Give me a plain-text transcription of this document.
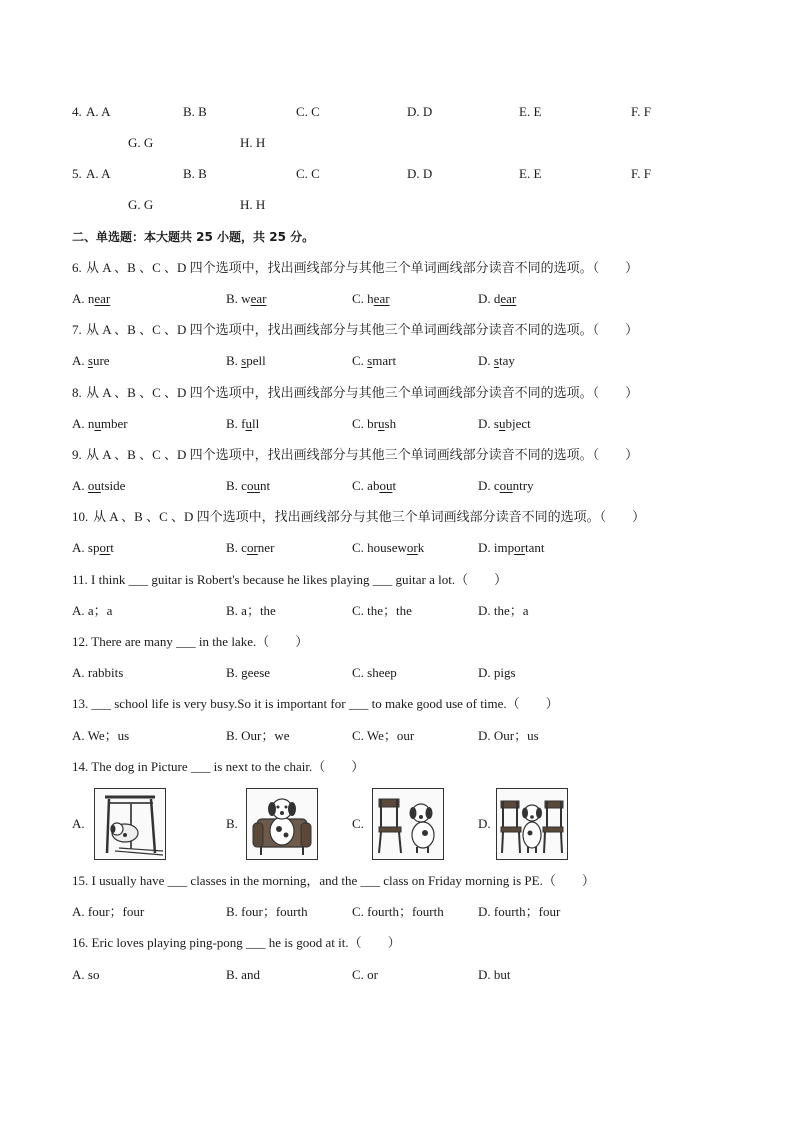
4. A. A	B. B	C. C	D. D	E. E	F. F
G. G	H. H
5. A. A	B. B	C. C	D. D	E. E	F. F
G. G	H. H
二、单选题：本大题共 25 小题，共 25 分。
6. 从 A 、B 、C 、D 四个选项中，找出画线部分与其他三个单词画线部分读音不同的选项。（　　）
A. near	B. wear	C. hear	D. dear
7. 从 A 、B 、C 、D 四个选项中，找出画线部分与其他三个单词画线部分读音不同的选项。（　　）
A. sure	B. spell	C. smart	D. stay
8. 从 A 、B 、C 、D 四个选项中，找出画线部分与其他三个单词画线部分读音不同的选项。（　　）
A. number	B. full	C. brush	D. subject
9. 从 A 、B 、C 、D 四个选项中，找出画线部分与其他三个单词画线部分读音不同的选项。（　　）
A. outside	B. count	C. about	D. country
10. 从 A 、B 、C 、D 四个选项中，找出画线部分与其他三个单词画线部分读音不同的选项。（　　）
A. sport	B. corner	C. housework	D. important
11. I think ___ guitar is Robert's because he likes playing ___ guitar a lot.（　　）
A. a；a	B. a；the	C. the；the	D. the；a
12. There are many ___ in the lake.（　　）
A. rabbits	B. geese	C. sheep	D. pigs
13. ___ school life is very busy.So it is important for ___ to make good use of time.（　　）
A. We；us	B. Our；we	C. We；our	D. Our；us
14. The dog in Picture ___ is next to the chair.（　　）
A.	B.	C.	D.
15. I usually have ___ classes in the morning，and the ___ class on Friday morning is PE.（　　）
A. four；four	B. four；fourth	C. fourth；fourth	D. fourth；four
16. Eric loves playing ping-pong ___ he is good at it.（　　）
A. so	B. and	C. or	D. but
